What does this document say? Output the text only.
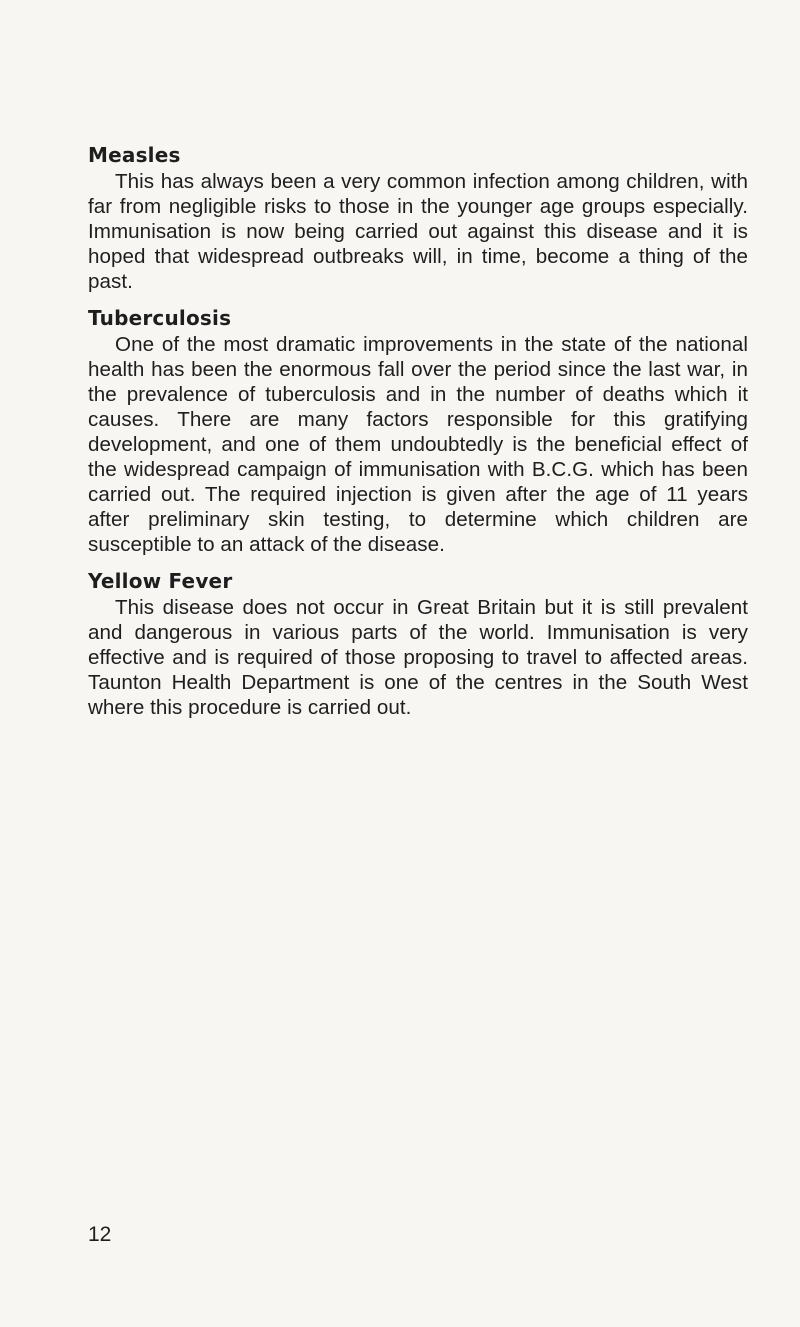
Measles

This has always been a very common infection among children, with far from negligible risks to those in the younger age groups especially. Immunisation is now being carried out against this disease and it is hoped that widespread outbreaks will, in time, become a thing of the past.

Tuberculosis

One of the most dramatic improvements in the state of the national health has been the enormous fall over the period since the last war, in the prevalence of tuberculosis and in the number of deaths which it causes. There are many factors responsible for this gratifying development, and one of them undoubtedly is the beneficial effect of the widespread campaign of immunisation with B.C.G. which has been carried out. The required injection is given after the age of 11 years after preliminary skin testing, to determine which children are susceptible to an attack of the disease.

Yellow Fever

This disease does not occur in Great Britain but it is still prevalent and dangerous in various parts of the world. Immunisation is very effective and is required of those proposing to travel to affected areas. Taunton Health Department is one of the centres in the South West where this procedure is carried out.

12
